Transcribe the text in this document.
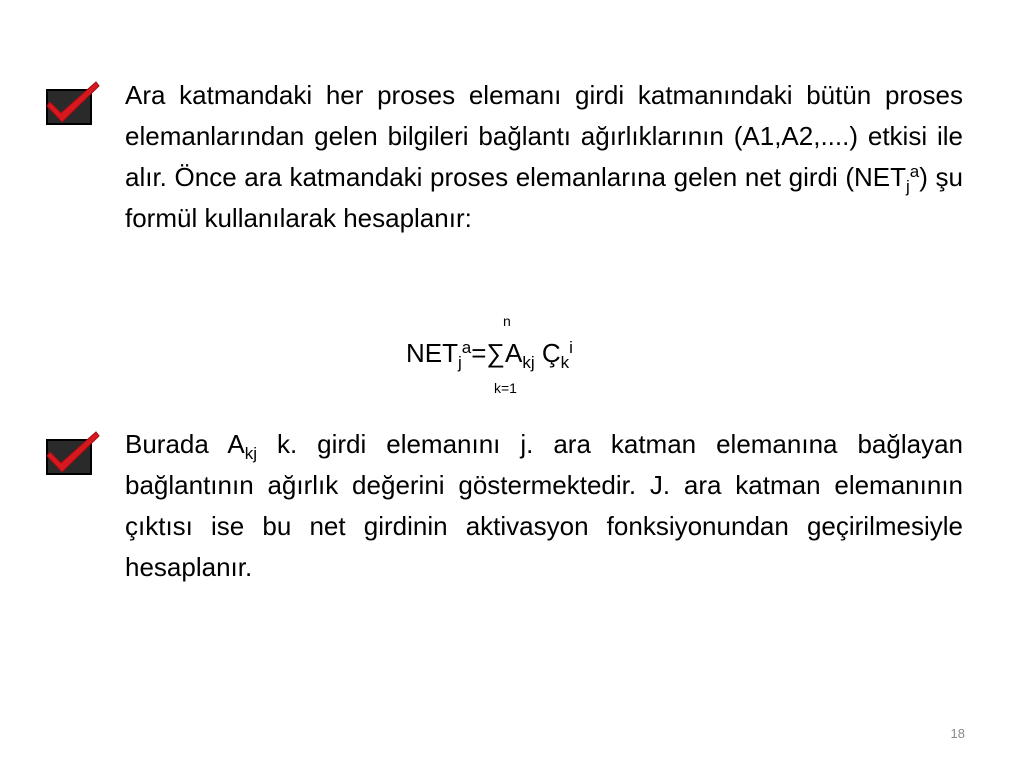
Ara katmandaki her proses elemanı girdi katmanındaki bütün proses elemanlarından gelen bilgileri bağlantı ağırlıklarının (A1,A2,....) etkisi ile alır. Önce ara katmandaki proses elemanlarına gelen net girdi $(NET_j^a)$ şu formül kullanılarak hesaplanır:

n
$NET_j^a=\sum A_{kj}$ $Ç_k^i$
k=1

Burada $A_{kj}$ k. girdi elemanını j. ara katman elemanına bağlayan bağlantının ağırlık değerini göstermektedir. J. ara katman elemanının çıktısı ise bu net girdinin aktivasyon fonksiyonundan geçirilmesiyle hesaplanır.

18
